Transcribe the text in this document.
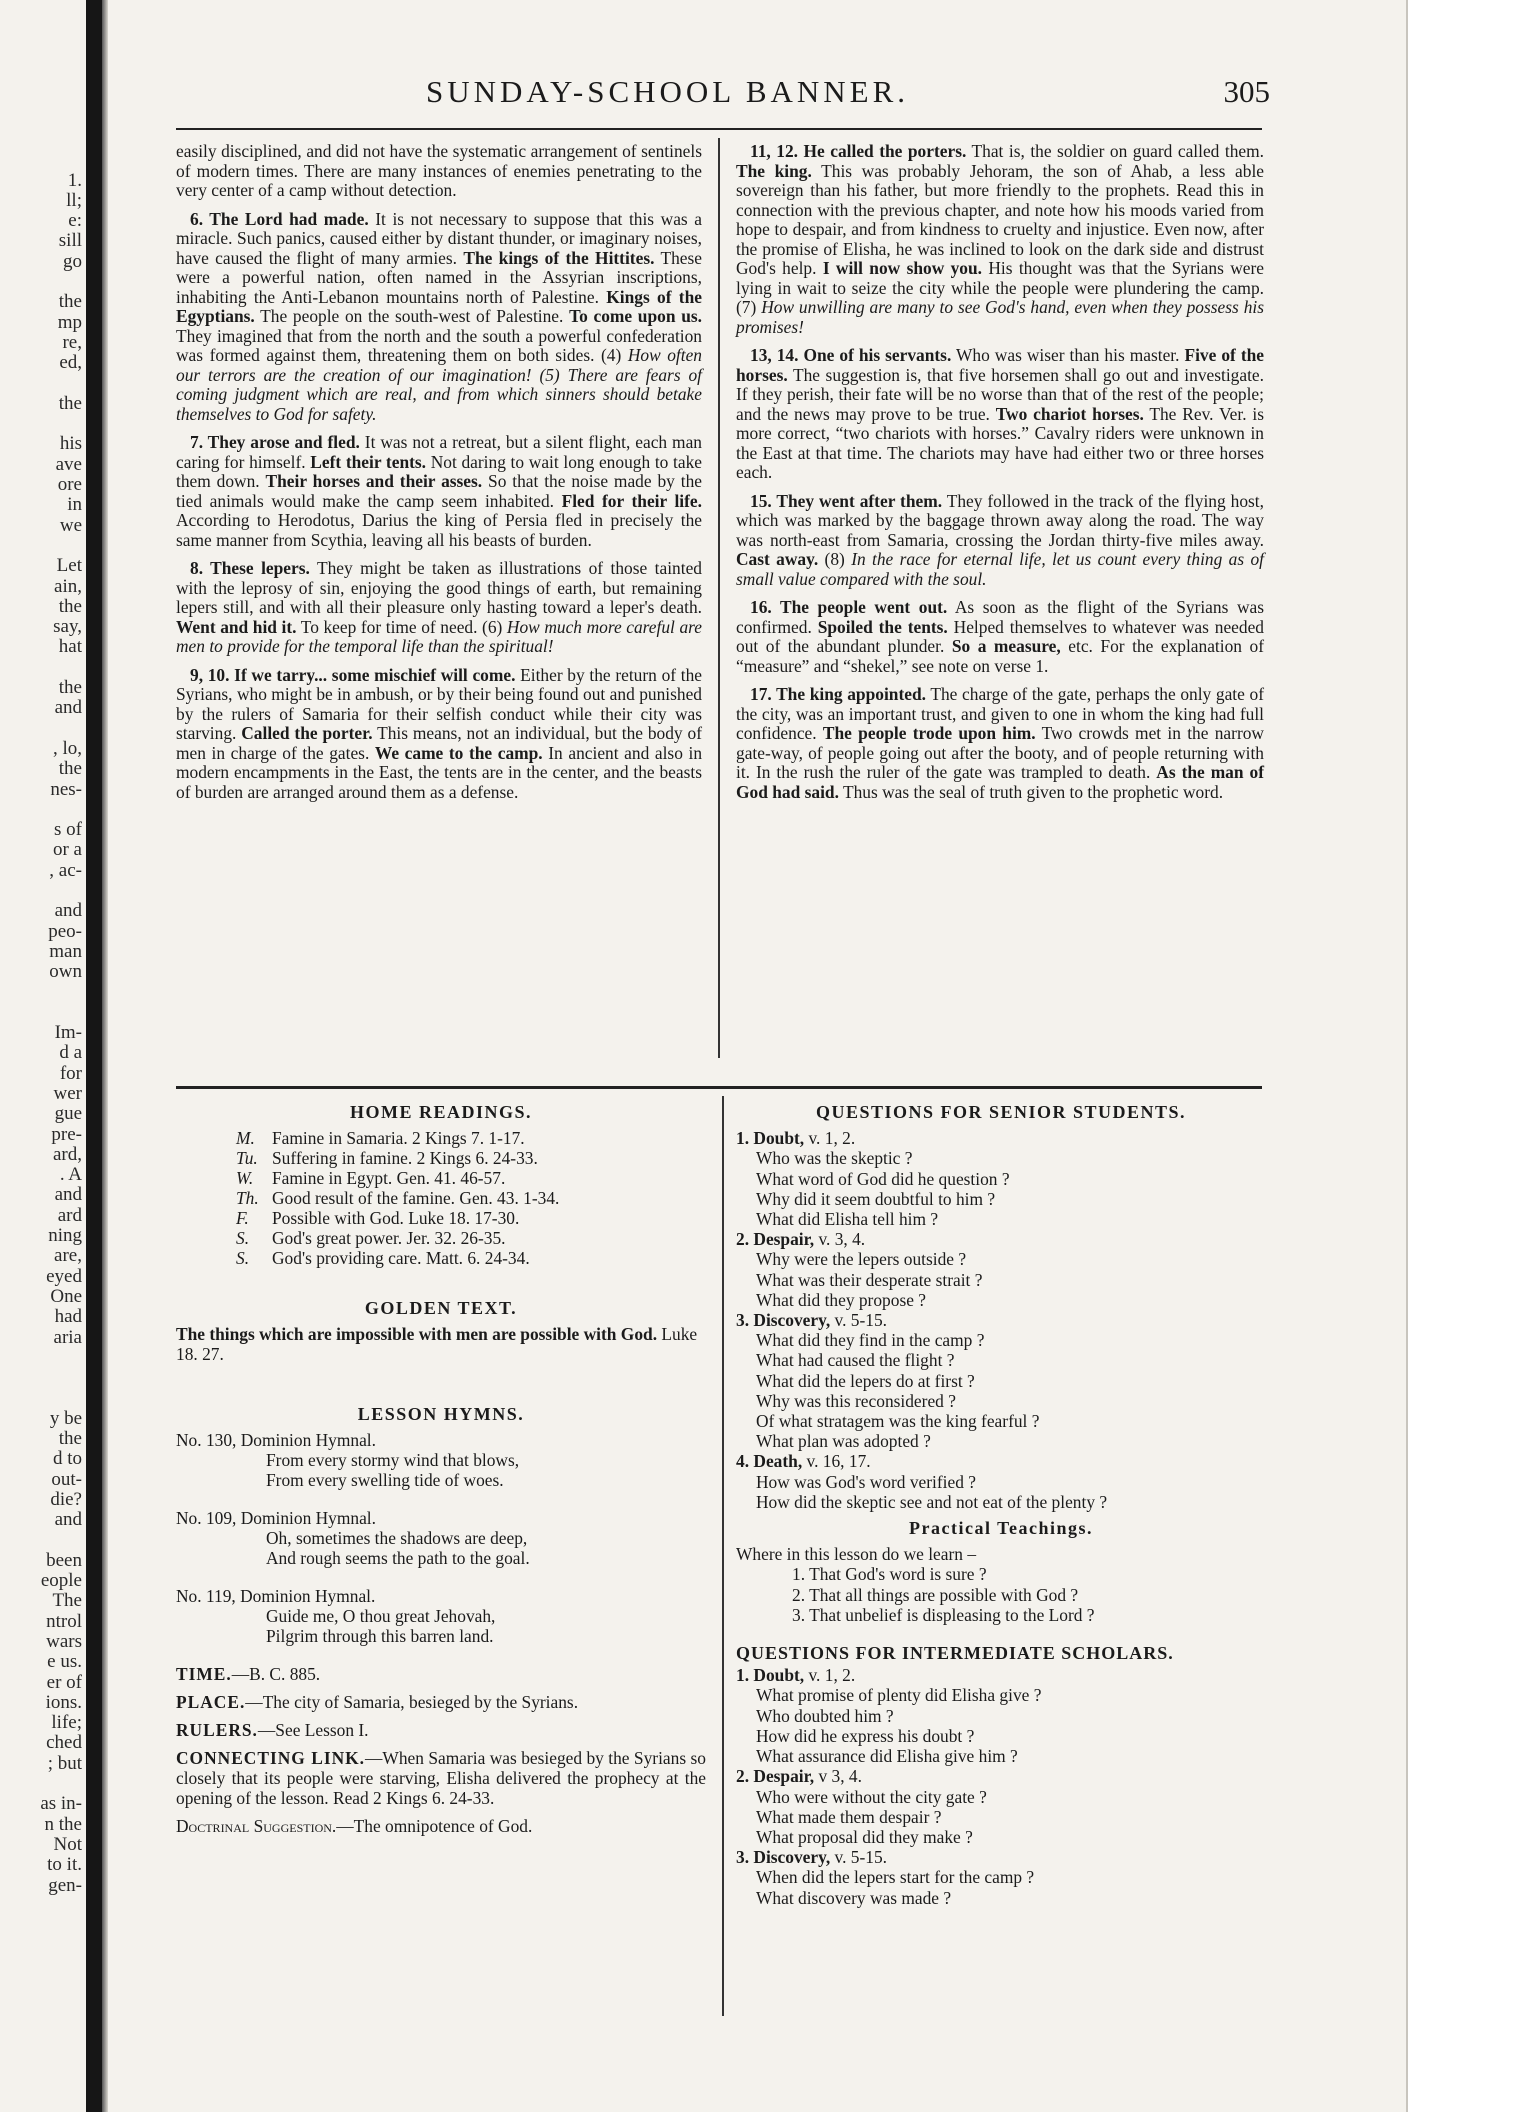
1.
ll;
e:
sill
go

the
mp
re,
ed,

the

his
ave
ore
in
we

Let
ain,
the
say,
hat

the
and

, lo,
the
nes-

s of
or a
, ac-

and
peo-
man
own

Im-
d a
for
wer
gue
pre-
ard,
. A
and
ard
ning
are,
eyed
One
had
aria

y be
the
d to
out-
die?
and

been
eople
The
ntrol
wars
e us.
er of
ions.
life;
ched
; but

as in-
n the
Not
to it.
gen-
SUNDAY-SCHOOL BANNER.	305

easily disciplined, and did not have the systematic arrangement of sentinels of modern times. There are many instances of enemies penetrating to the very center of a camp without detection.

6. The Lord had made. It is not necessary to suppose that this was a miracle. Such panics, caused either by distant thunder, or imaginary noises, have caused the flight of many armies. The kings of the Hittites. These were a powerful nation, often named in the Assyrian inscriptions, inhabiting the Anti-Lebanon mountains north of Palestine. Kings of the Egyptians. The people on the south-west of Palestine. To come upon us. They imagined that from the north and the south a powerful confederation was formed against them, threatening them on both sides. (4) How often our terrors are the creation of our imagination! (5) There are fears of coming judgment which are real, and from which sinners should betake themselves to God for safety.

7. They arose and fled. It was not a retreat, but a silent flight, each man caring for himself. Left their tents. Not daring to wait long enough to take them down. Their horses and their asses. So that the noise made by the tied animals would make the camp seem inhabited. Fled for their life. According to Herodotus, Darius the king of Persia fled in precisely the same manner from Scythia, leaving all his beasts of burden.

8. These lepers. They might be taken as illustrations of those tainted with the leprosy of sin, enjoying the good things of earth, but remaining lepers still, and with all their pleasure only hasting toward a leper's death. Went and hid it. To keep for time of need. (6) How much more careful are men to provide for the temporal life than the spiritual!

9, 10. If we tarry... some mischief will come. Either by the return of the Syrians, who might be in ambush, or by their being found out and punished by the rulers of Samaria for their selfish conduct while their city was starving. Called the porter. This means, not an individual, but the body of men in charge of the gates. We came to the camp. In ancient and also in modern encampments in the East, the tents are in the center, and the beasts of burden are arranged around them as a defense.

11, 12. He called the porters. That is, the soldier on guard called them. The king. This was probably Jehoram, the son of Ahab, a less able sovereign than his father, but more friendly to the prophets. Read this in connection with the previous chapter, and note how his moods varied from hope to despair, and from kindness to cruelty and injustice. Even now, after the promise of Elisha, he was inclined to look on the dark side and distrust God's help. I will now show you. His thought was that the Syrians were lying in wait to seize the city while the people were plundering the camp. (7) How unwilling are many to see God's hand, even when they possess his promises!

13, 14. One of his servants. Who was wiser than his master. Five of the horses. The suggestion is, that five horsemen shall go out and investigate. If they perish, their fate will be no worse than that of the rest of the people; and the news may prove to be true. Two chariot horses. The Rev. Ver. is more correct, “two chariots with horses.” Cavalry riders were unknown in the East at that time. The chariots may have had either two or three horses each.

15. They went after them. They followed in the track of the flying host, which was marked by the baggage thrown away along the road. The way was north-east from Samaria, crossing the Jordan thirty-five miles away. Cast away. (8) In the race for eternal life, let us count every thing as of small value compared with the soul.

16. The people went out. As soon as the flight of the Syrians was confirmed. Spoiled the tents. Helped themselves to whatever was needed out of the abundant plunder. So a measure, etc. For the explanation of “measure” and “shekel,” see note on verse 1.

17. The king appointed. The charge of the gate, perhaps the only gate of the city, was an important trust, and given to one in whom the king had full confidence. The people trode upon him. Two crowds met in the narrow gate-way, of people going out after the booty, and of people returning with it. In the rush the ruler of the gate was trampled to death. As the man of God had said. Thus was the seal of truth given to the prophetic word.

HOME READINGS.
M. Famine in Samaria. 2 Kings 7. 1-17.
Tu. Suffering in famine. 2 Kings 6. 24-33.
W. Famine in Egypt. Gen. 41. 46-57.
Th. Good result of the famine. Gen. 43. 1-34.
F. Possible with God. Luke 18. 17-30.
S. God's great power. Jer. 32. 26-35.
S. God's providing care. Matt. 6. 24-34.
GOLDEN TEXT.
The things which are impossible with men are possible with God. Luke 18. 27.
LESSON HYMNS.
No. 130, Dominion Hymnal.
From every stormy wind that blows,
From every swelling tide of woes.
No. 109, Dominion Hymnal.
Oh, sometimes the shadows are deep,
And rough seems the path to the goal.
No. 119, Dominion Hymnal.
Guide me, O thou great Jehovah,
Pilgrim through this barren land.

TIME.—B. C. 885.

PLACE.—The city of Samaria, besieged by the Syrians.

RULERS.—See Lesson I.

CONNECTING LINK.—When Samaria was besieged by the Syrians so closely that its people were starving, Elisha delivered the prophecy at the opening of the lesson. Read 2 Kings 6. 24-33.

Doctrinal Suggestion.—The omnipotence of God.

QUESTIONS FOR SENIOR STUDENTS.
1. Doubt, v. 1, 2.
Who was the skeptic ?
What word of God did he question ?
Why did it seem doubtful to him ?
What did Elisha tell him ?
2. Despair, v. 3, 4.
Why were the lepers outside ?
What was their desperate strait ?
What did they propose ?
3. Discovery, v. 5-15.
What did they find in the camp ?
What had caused the flight ?
What did the lepers do at first ?
Why was this reconsidered ?
Of what stratagem was the king fearful ?
What plan was adopted ?
4. Death, v. 16, 17.
How was God's word verified ?
How did the skeptic see and not eat of the plenty ?
Practical Teachings.
Where in this lesson do we learn –
1. That God's word is sure ?
2. That all things are possible with God ?
3. That unbelief is displeasing to the Lord ?
QUESTIONS FOR INTERMEDIATE SCHOLARS.
1. Doubt, v. 1, 2.
What promise of plenty did Elisha give ?
Who doubted him ?
How did he express his doubt ?
What assurance did Elisha give him ?
2. Despair, v 3, 4.
Who were without the city gate ?
What made them despair ?
What proposal did they make ?
3. Discovery, v. 5-15.
When did the lepers start for the camp ?
What discovery was made ?
